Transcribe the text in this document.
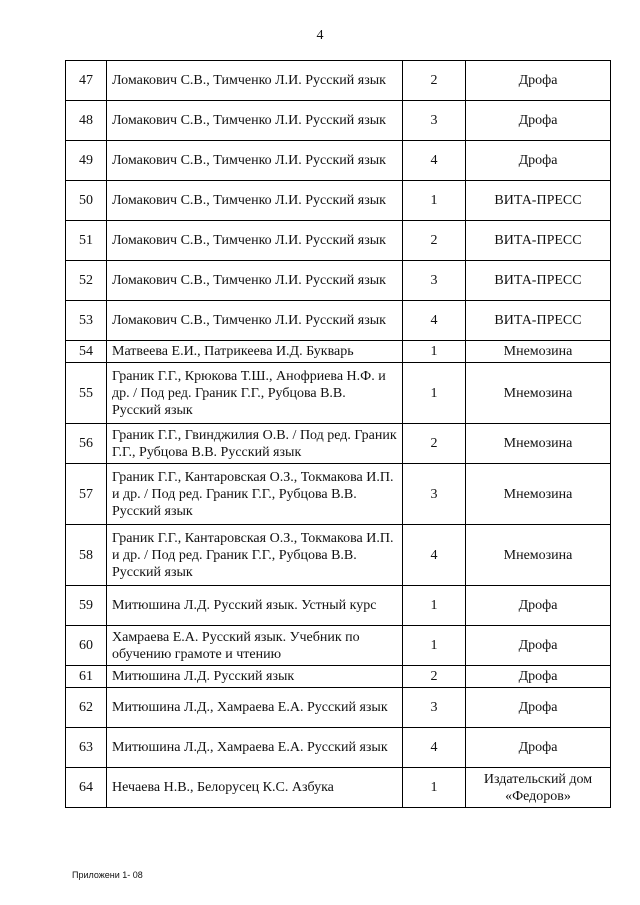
4
47	Ломакович С.В., Тимченко Л.И. Русский язык	2	Дрофа
48	Ломакович С.В., Тимченко Л.И. Русский язык	3	Дрофа
49	Ломакович С.В., Тимченко Л.И. Русский язык	4	Дрофа
50	Ломакович С.В., Тимченко Л.И. Русский язык	1	ВИТА-ПРЕСС
51	Ломакович С.В., Тимченко Л.И. Русский язык	2	ВИТА-ПРЕСС
52	Ломакович С.В., Тимченко Л.И. Русский язык	3	ВИТА-ПРЕСС
53	Ломакович С.В., Тимченко Л.И. Русский язык	4	ВИТА-ПРЕСС
54	Матвеева Е.И., Патрикеева И.Д. Букварь	1	Мнемозина
55	Граник Г.Г., Крюкова Т.Ш., Анофриева Н.Ф. и др. / Под ред. Граник Г.Г., Рубцова В.В. Русский язык	1	Мнемозина
56	Граник Г.Г., Гвинджилия О.В. / Под ред. Граник Г.Г., Рубцова В.В. Русский язык	2	Мнемозина
57	Граник Г.Г., Кантаровская О.З., Токмакова И.П. и др. / Под ред. Граник Г.Г., Рубцова В.В. Русский язык	3	Мнемозина
58	Граник Г.Г., Кантаровская О.З., Токмакова И.П. и др. / Под ред. Граник Г.Г., Рубцова В.В. Русский язык	4	Мнемозина
59	Митюшина Л.Д. Русский язык. Устный курс	1	Дрофа
60	Хамраева Е.А. Русский язык. Учебник по обучению грамоте и чтению	1	Дрофа
61	Митюшина Л.Д. Русский язык	2	Дрофа
62	Митюшина Л.Д., Хамраева Е.А. Русский язык	3	Дрофа
63	Митюшина Л.Д., Хамраева Е.А. Русский язык	4	Дрофа
64	Нечаева Н.В., Белорусец К.С. Азбука	1	Издательский дом «Федоров»
Приложени 1- 08
